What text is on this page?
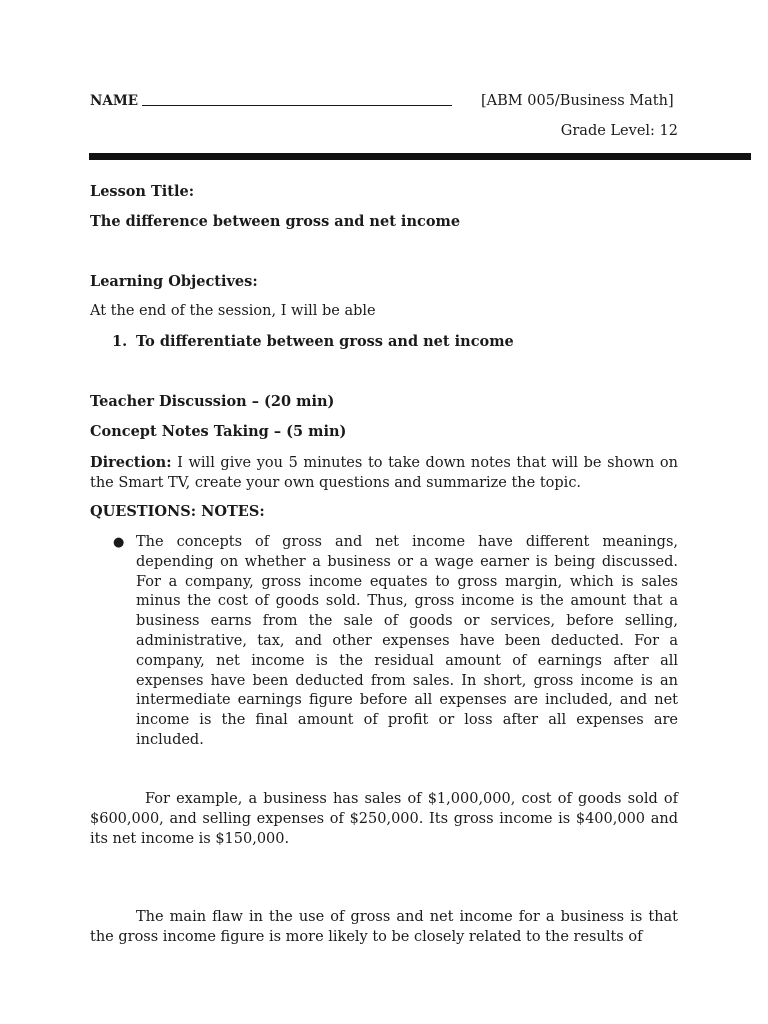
NAME	[ABM 005/Business Math]
Grade Level: 12
Lesson Title:
The difference between gross and net income
Learning Objectives:
At the end of the session, I will be able
1. To differentiate between gross and net income
Teacher Discussion – (20 min)
Concept Notes Taking – (5 min)

Direction: I will give you 5 minutes to take down notes that will be shown on the Smart TV, create your own questions and summarize the topic.

QUESTIONS: NOTES:
● The concepts of gross and net income have different meanings, depending on whether a business or a wage earner is being discussed. For a company, gross income equates to gross margin, which is sales minus the cost of goods sold. Thus, gross income is the amount that a business earns from the sale of goods or services, before selling, administrative, tax, and other expenses have been deducted. For a company, net income is the residual amount of earnings after all expenses have been deducted from sales. In short, gross income is an intermediate earnings figure before all expenses are included, and net income is the final amount of profit or loss after all expenses are included.

For example, a business has sales of $1,000,000, cost of goods sold of $600,000, and selling expenses of $250,000. Its gross income is $400,000 and its net income is $150,000.

The main flaw in the use of gross and net income for a business is that the gross income figure is more likely to be closely related to the results of
